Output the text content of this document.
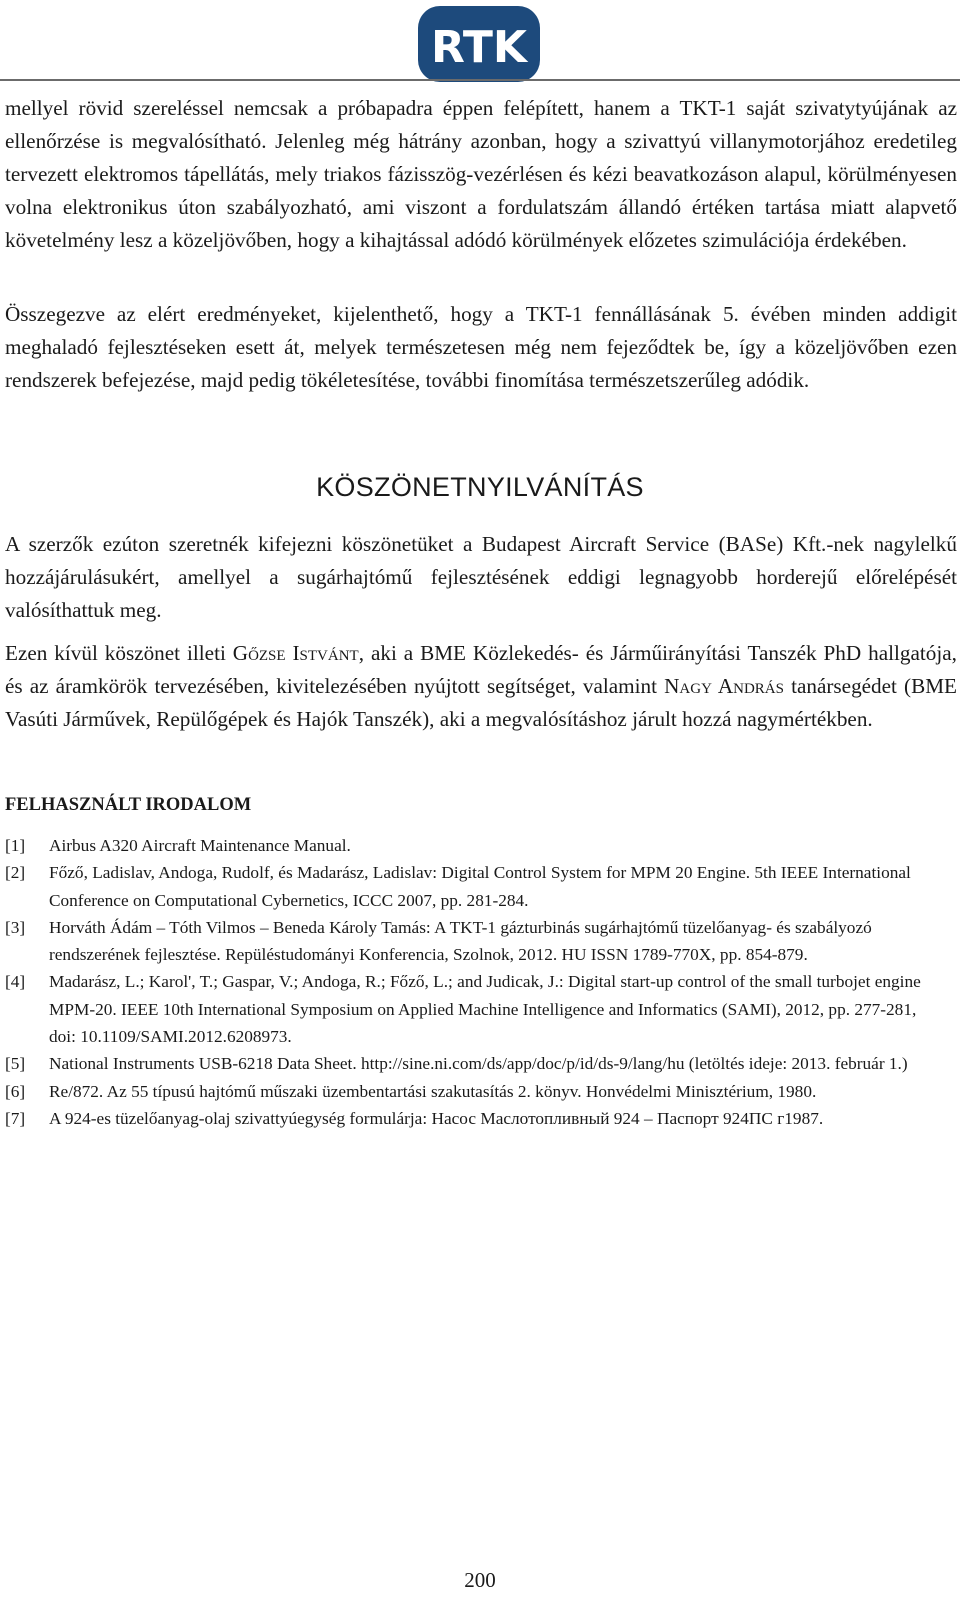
RTK

mellyel rövid szereléssel nemcsak a próbapadra éppen felépített, hanem a TKT-1 saját szivatytyújának az ellenőrzése is megvalósítható. Jelenleg még hátrány azonban, hogy a szivattyú villanymotorjához eredetileg tervezett elektromos tápellátás, mely triakos fázisszög-vezérlésen és kézi beavatkozáson alapul, körülményesen volna elektronikus úton szabályozható, ami viszont a fordulatszám állandó értéken tartása miatt alapvető követelmény lesz a közeljövőben, hogy a kihajtással adódó körülmények előzetes szimulációja érdekében.

Összegezve az elért eredményeket, kijelenthető, hogy a TKT-1 fennállásának 5. évében minden addigit meghaladó fejlesztéseken esett át, melyek természetesen még nem fejeződtek be, így a közeljövőben ezen rendszerek befejezése, majd pedig tökéletesítése, további finomítása természetszerűleg adódik.

KÖSZÖNETNYILVÁNÍTÁS

A szerzők ezúton szeretnék kifejezni köszönetüket a Budapest Aircraft Service (BASe) Kft.-nek nagylelkű hozzájárulásukért, amellyel a sugárhajtómű fejlesztésének eddigi legnagyobb horderejű előrelépését valósíthattuk meg.

Ezen kívül köszönet illeti Gőzse Istvánt, aki a BME Közlekedés- és Járműirányítási Tanszék PhD hallgatója, és az áramkörök tervezésében, kivitelezésében nyújtott segítséget, valamint Nagy András tanársegédet (BME Vasúti Járművek, Repülőgépek és Hajók Tanszék), aki a megvalósításhoz járult hozzá nagymértékben.

FELHASZNÁLT IRODALOM
[1] Airbus A320 Aircraft Maintenance Manual.
[2] Főző, Ladislav, Andoga, Rudolf, és Madarász, Ladislav: Digital Control System for MPM 20 Engine. 5th IEEE International Conference on Computational Cybernetics, ICCC 2007, pp. 281-284.
[3] Horváth Ádám – Tóth Vilmos – Beneda Károly Tamás: A TKT-1 gázturbinás sugárhajtómű tüzelőanyag- és szabályozó rendszerének fejlesztése. Repüléstudományi Konferencia, Szolnok, 2012. HU ISSN 1789-770X, pp. 854-879.
[4] Madarász, L.; Karol', T.; Gaspar, V.; Andoga, R.; Főző, L.; and Judicak, J.: Digital start-up control of the small turbojet engine MPM-20. IEEE 10th International Symposium on Applied Machine Intelligence and Informatics (SAMI), 2012, pp. 277-281, doi: 10.1109/SAMI.2012.6208973.
[5] National Instruments USB-6218 Data Sheet. http://sine.ni.com/ds/app/doc/p/id/ds-9/lang/hu (letöltés ideje: 2013. február 1.)
[6] Re/872. Az 55 típusú hajtómű műszaki üzembentartási szakutasítás 2. könyv. Honvédelmi Minisztérium, 1980.
[7] A 924-es tüzelőanyag-olaj szivattyúegység formulárja: Насос Маслотопливный 924 – Паспорт 924ПС г1987.
200
